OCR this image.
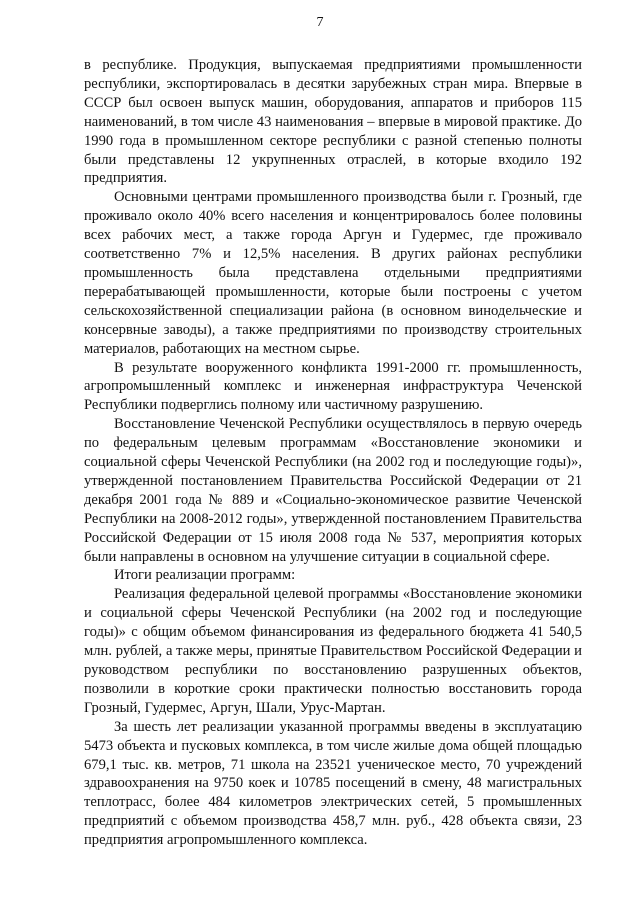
7

в республике. Продукция, выпускаемая предприятиями промышленности республики, экспортировалась в десятки зарубежных стран мира. Впервые в СССР был освоен выпуск машин, оборудования, аппаратов и приборов 115 наименований, в том числе 43 наименования – впервые в мировой практике. До 1990 года в промышленном секторе республики с разной степенью полноты были представлены 12 укрупненных отраслей, в которые входило 192 предприятия.

Основными центрами промышленного производства были г. Грозный, где проживало около 40% всего населения и концентрировалось более половины всех рабочих мест, а также города Аргун и Гудермес, где проживало соответственно 7% и 12,5% населения. В других районах республики промышленность была представлена отдельными предприятиями перерабатывающей промышленности, которые были построены с учетом сельскохозяйственной специализации района (в основном винодельческие и консервные заводы), а также предприятиями по производству строительных материалов, работающих на местном сырье.

В результате вооруженного конфликта 1991-2000 гг. промышленность, агропромышленный комплекс и инженерная инфраструктура Чеченской Республики подверглись полному или частичному разрушению.

Восстановление Чеченской Республики осуществлялось в первую очередь по федеральным целевым программам «Восстановление экономики и социальной сферы Чеченской Республики (на 2002 год и последующие годы)», утвержденной постановлением Правительства Российской Федерации от 21 декабря 2001 года № 889 и «Социально-экономическое развитие Чеченской Республики на 2008-2012 годы», утвержденной постановлением Правительства Российской Федерации от 15 июля 2008 года № 537, мероприятия которых были направлены в основном на улучшение ситуации в социальной сфере.

Итоги реализации программ:

Реализация федеральной целевой программы «Восстановление экономики и социальной сферы Чеченской Республики (на 2002 год и последующие годы)» с общим объемом финансирования из федерального бюджета 41 540,5 млн. рублей, а также меры, принятые Правительством Российской Федерации и руководством республики по восстановлению разрушенных объектов, позволили в короткие сроки практически полностью восстановить города Грозный, Гудермес, Аргун, Шали, Урус-Мартан.

За шесть лет реализации указанной программы введены в эксплуатацию 5473 объекта и пусковых комплекса, в том числе жилые дома общей площадью 679,1 тыс. кв. метров, 71 школа на 23521 ученическое место, 70 учреждений здравоохранения на 9750 коек и 10785 посещений в смену, 48 магистральных теплотрасс, более 484 километров электрических сетей, 5 промышленных предприятий с объемом производства 458,7 млн. руб., 428 объекта связи, 23 предприятия агропромышленного комплекса.
